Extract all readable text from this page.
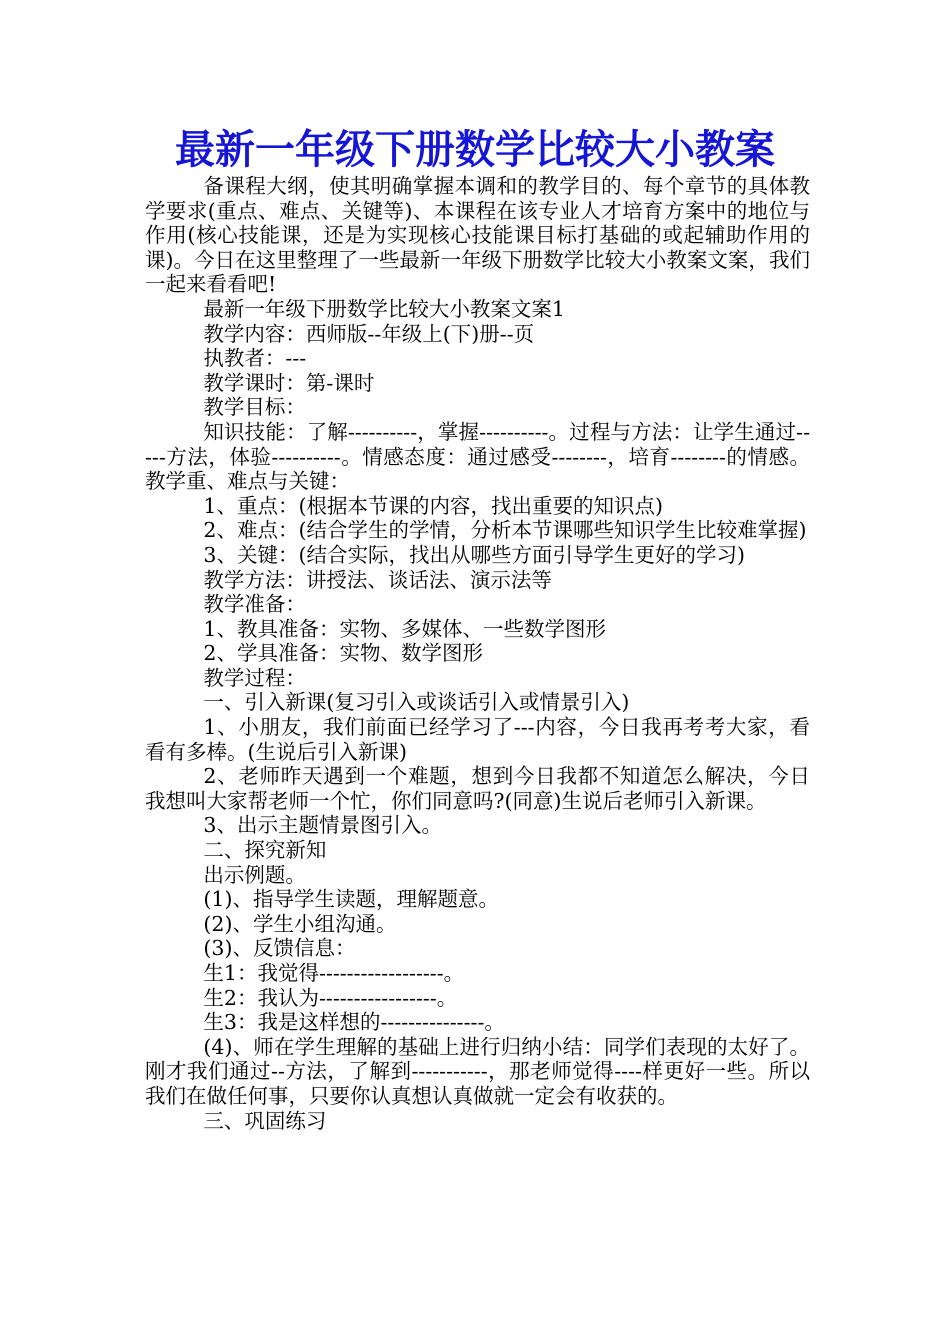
最新一年级下册数学比较大小教案

备课程大纲，使其明确掌握本调和的教学目的、每个章节的具体教学要求(重点、难点、关键等)、本课程在该专业人才培育方案中的地位与作用(核心技能课，还是为实现核心技能课目标打基础的或起辅助作用的课)。今日在这里整理了一些最新一年级下册数学比较大小教案文案，我们一起来看看吧!

最新一年级下册数学比较大小教案文案1

教学内容：西师版--年级上(下)册--页

执教者：---

教学课时：第-课时

教学目标：

知识技能：了解----------，掌握----------。过程与方法：让学生通过-----方法，体验----------。情感态度：通过感受--------，培育--------的情感。教学重、难点与关键：

1、重点：(根据本节课的内容，找出重要的知识点)

2、难点：(结合学生的学情，分析本节课哪些知识学生比较难掌握)

3、关键：(结合实际，找出从哪些方面引导学生更好的学习)

教学方法：讲授法、谈话法、演示法等

教学准备：

1、教具准备：实物、多媒体、一些数学图形

2、学具准备：实物、数学图形

教学过程：

一、引入新课(复习引入或谈话引入或情景引入)

1、小朋友，我们前面已经学习了---内容，今日我再考考大家，看看有多棒。(生说后引入新课)

2、老师昨天遇到一个难题，想到今日我都不知道怎么解决，今日我想叫大家帮老师一个忙，你们同意吗?(同意)生说后老师引入新课。

3、出示主题情景图引入。

二、探究新知

出示例题。

(1)、指导学生读题，理解题意。

(2)、学生小组沟通。

(3)、反馈信息：

生1：我觉得------------------。

生2：我认为-----------------。

生3：我是这样想的---------------。

(4)、师在学生理解的基础上进行归纳小结：同学们表现的太好了。刚才我们通过--方法，了解到-----------，那老师觉得----样更好一些。所以我们在做任何事，只要你认真想认真做就一定会有收获的。

三、巩固练习
